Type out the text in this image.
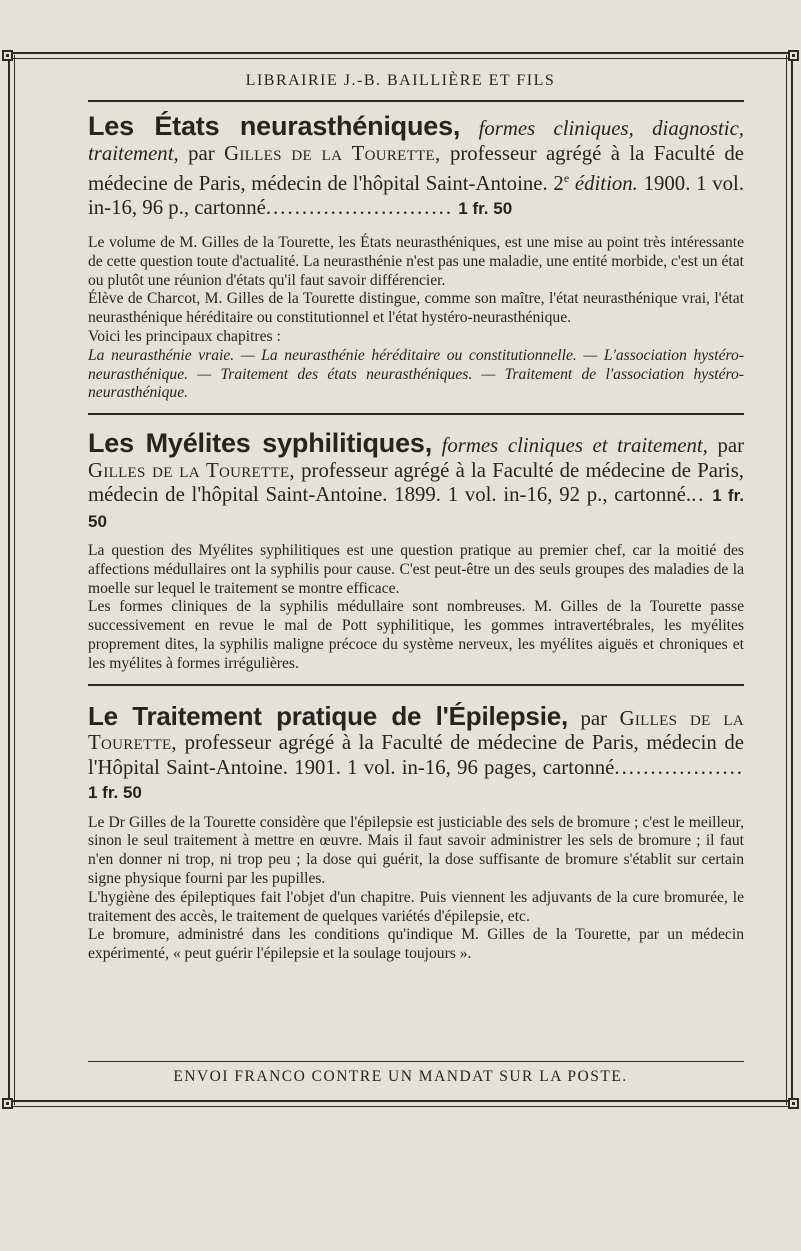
LIBRAIRIE J.-B. BAILLIÈRE ET FILS

Les États neurasthéniques, formes cliniques, diagnostic, traitement, par Gilles de la Tourette, professeur agrégé à la Faculté de médecine de Paris, médecin de l'hôpital Saint-Antoine. 2e édition. 1900. 1 vol. in-16, 96 p., cartonné.......................... 1 fr. 50

Le volume de M. Gilles de la Tourette, les États neurasthéniques, est une mise au point très intéressante de cette question toute d'actualité. La neurasthénie n'est pas une maladie, une entité morbide, c'est un état ou plutôt une réunion d'états qu'il faut savoir différencier.

Élève de Charcot, M. Gilles de la Tourette distingue, comme son maître, l'état neurasthénique vrai, l'état neurasthénique héréditaire ou constitutionnel et l'état hystéro-neurasthénique.

Voici les principaux chapitres :

La neurasthénie vraie. — La neurasthénie héréditaire ou constitutionnelle. — L'association hystéro-neurasthénique. — Traitement des états neurasthéniques. — Traitement de l'association hystéro-neurasthénique.

Les Myélites syphilitiques, formes cliniques et traitement, par Gilles de la Tourette, professeur agrégé à la Faculté de médecine de Paris, médecin de l'hôpital Saint-Antoine. 1899. 1 vol. in-16, 92 p., cartonné... 1 fr. 50

La question des Myélites syphilitiques est une question pratique au premier chef, car la moitié des affections médullaires ont la syphilis pour cause. C'est peut-être un des seuls groupes des maladies de la moelle sur lequel le traitement se montre efficace.

Les formes cliniques de la syphilis médullaire sont nombreuses. M. Gilles de la Tourette passe successivement en revue le mal de Pott syphilitique, les gommes intravertébrales, les myélites proprement dites, la syphilis maligne précoce du système nerveux, les myélites aiguës et chroniques et les myélites à formes irrégulières.

Le Traitement pratique de l'Épilepsie, par Gilles de la Tourette, professeur agrégé à la Faculté de médecine de Paris, médecin de l'Hôpital Saint-Antoine. 1901. 1 vol. in-16, 96 pages, cartonné.................. 1 fr. 50

Le Dr Gilles de la Tourette considère que l'épilepsie est justiciable des sels de bromure ; c'est le meilleur, sinon le seul traitement à mettre en œuvre. Mais il faut savoir administrer les sels de bromure ; il faut n'en donner ni trop, ni trop peu ; la dose qui guérit, la dose suffisante de bromure s'établit sur certain signe physique fourni par les pupilles.

L'hygiène des épileptiques fait l'objet d'un chapitre. Puis viennent les adjuvants de la cure bromurée, le traitement des accès, le traitement de quelques variétés d'épilepsie, etc.

Le bromure, administré dans les conditions qu'indique M. Gilles de la Tourette, par un médecin expérimenté, « peut guérir l'épilepsie et la soulage toujours ».

ENVOI FRANCO CONTRE UN MANDAT SUR LA POSTE.
